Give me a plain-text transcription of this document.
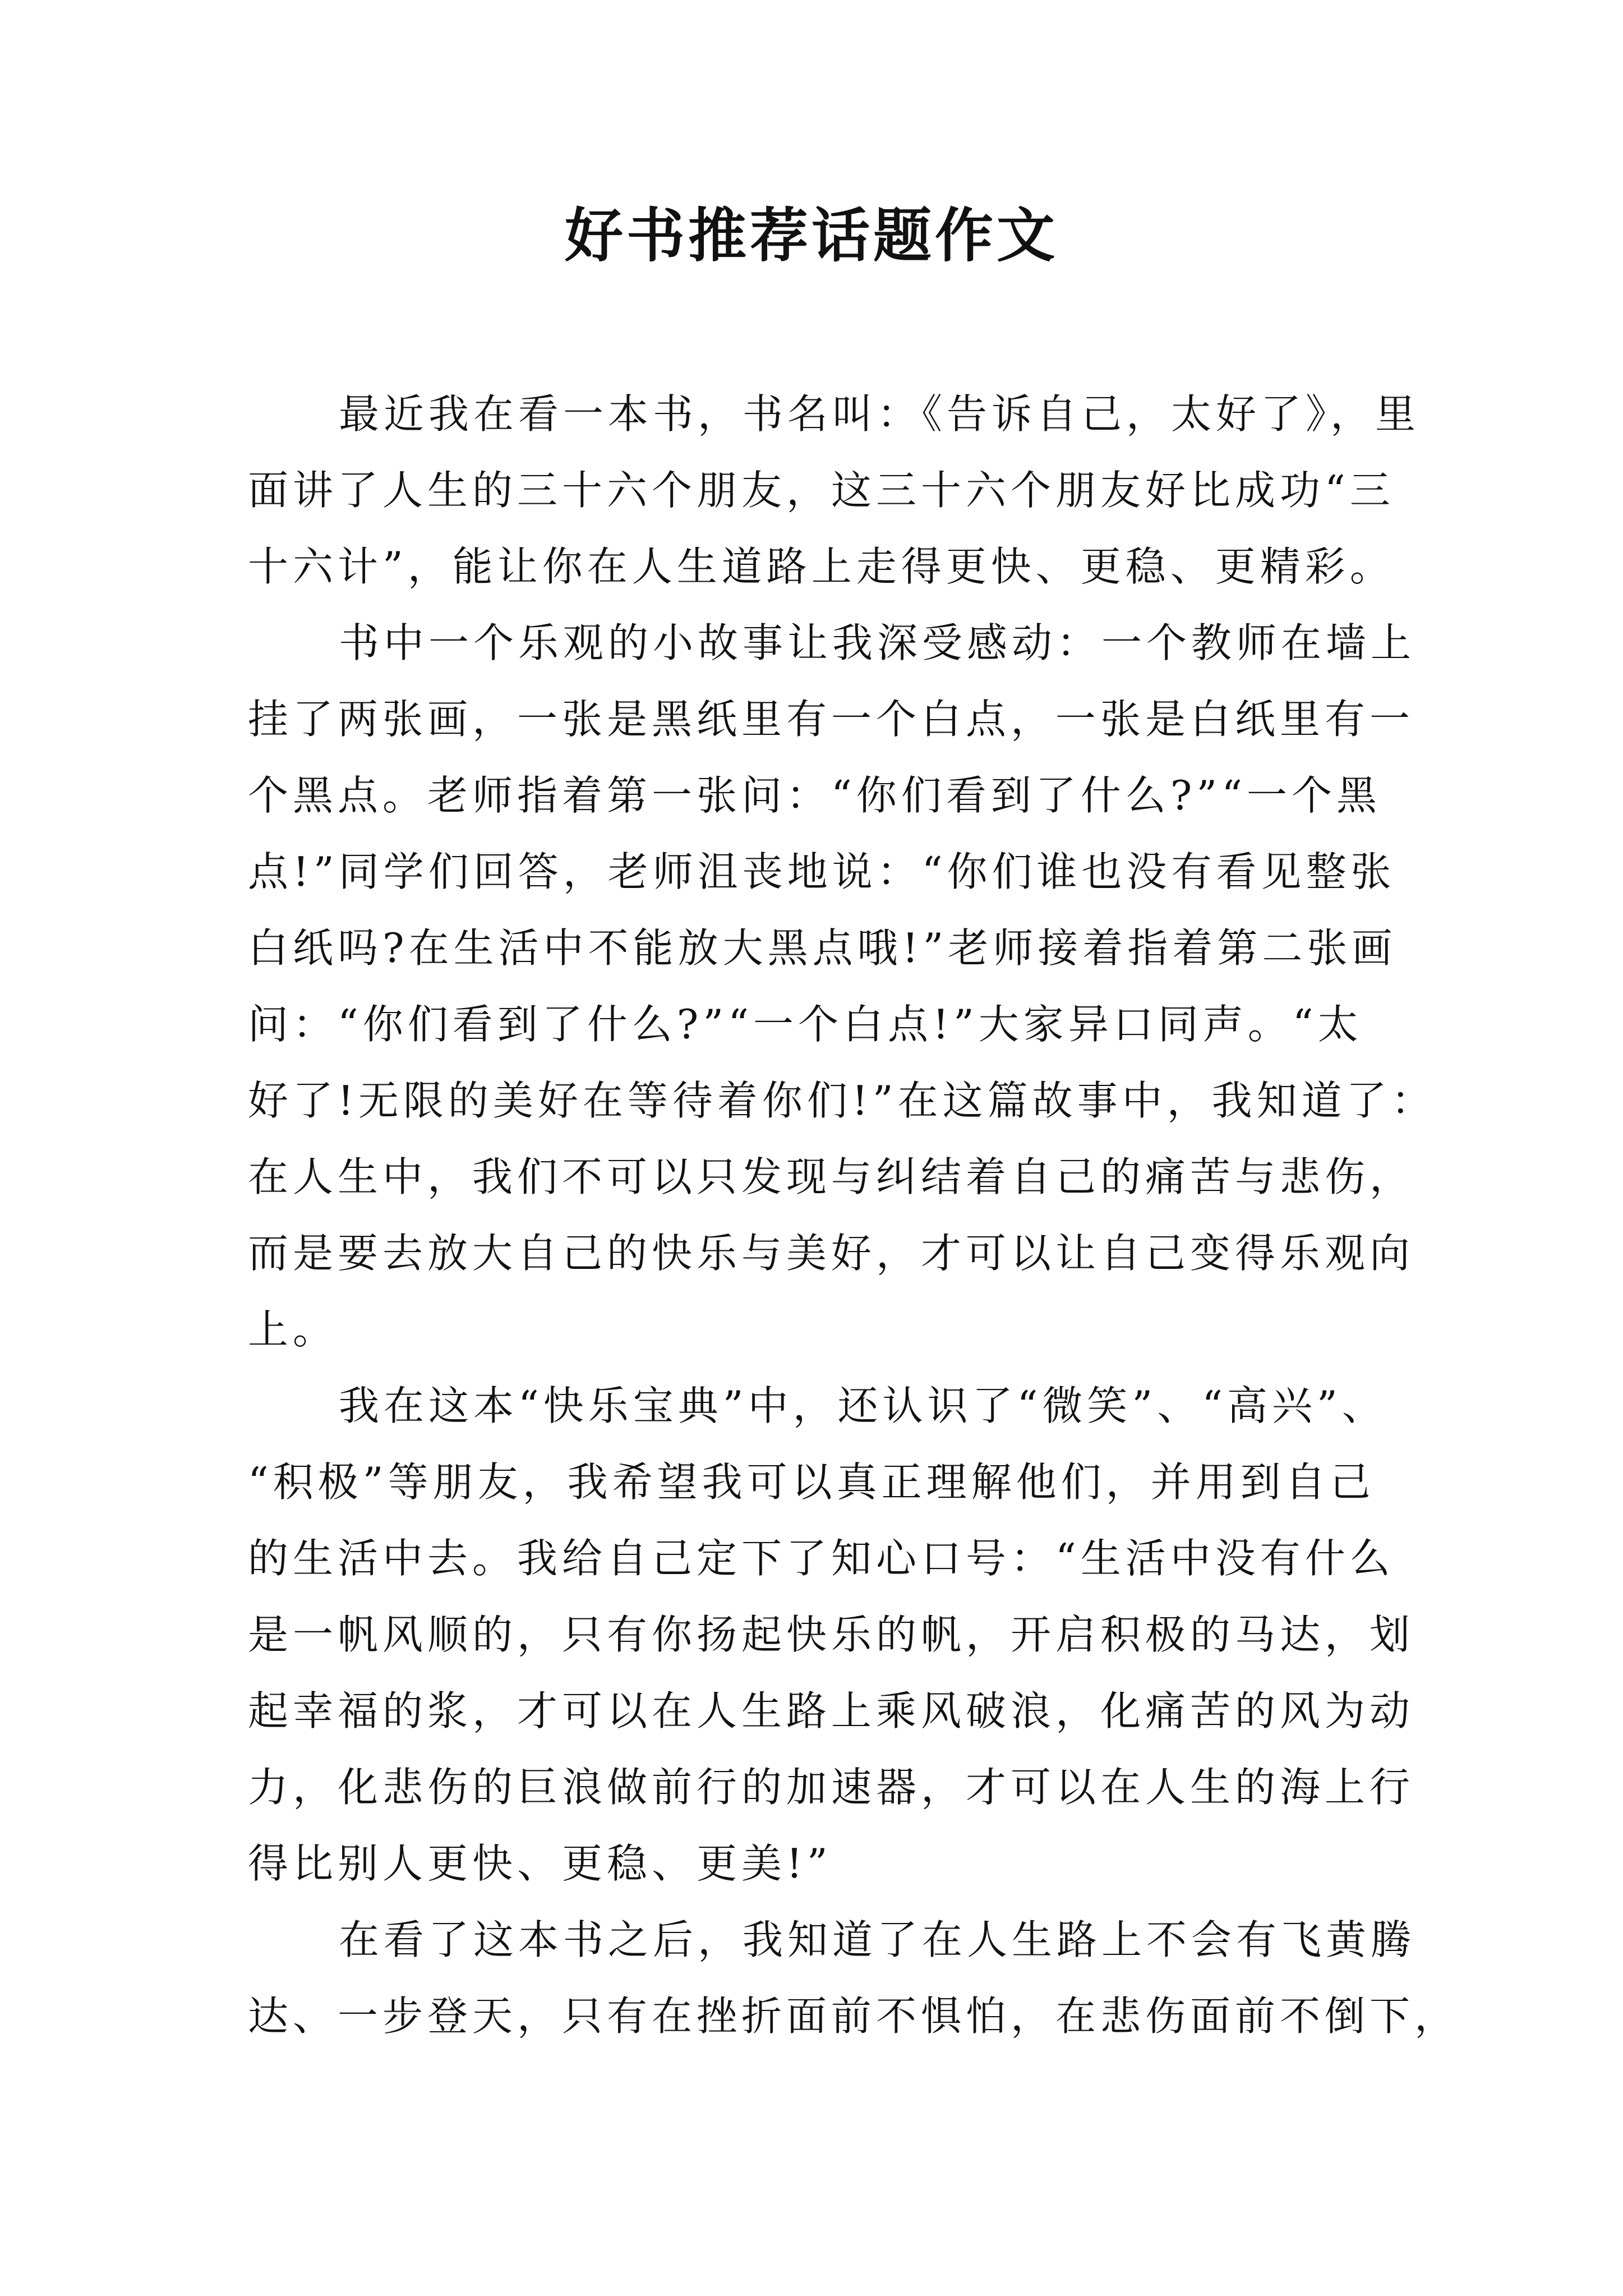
好书推荐话题作文
最近我在看一本书，书名叫：《告诉自己，太好了》，里
面讲了人生的三十六个朋友，这三十六个朋友好比成功“三
十六计”，能让你在人生道路上走得更快、更稳、更精彩。
书中一个乐观的小故事让我深受感动：一个教师在墙上
挂了两张画，一张是黑纸里有一个白点，一张是白纸里有一
个黑点。老师指着第一张问：“你们看到了什么?”“一个黑
点!”同学们回答，老师沮丧地说：“你们谁也没有看见整张
白纸吗?在生活中不能放大黑点哦!”老师接着指着第二张画
问：“你们看到了什么?”“一个白点!”大家异口同声。“太
好了!无限的美好在等待着你们!”在这篇故事中，我知道了：
在人生中，我们不可以只发现与纠结着自己的痛苦与悲伤，
而是要去放大自己的快乐与美好，才可以让自己变得乐观向
上。
我在这本“快乐宝典”中，还认识了“微笑”、“高兴”、
“积极”等朋友，我希望我可以真正理解他们，并用到自己
的生活中去。我给自己定下了知心口号：“生活中没有什么
是一帆风顺的，只有你扬起快乐的帆，开启积极的马达，划
起幸福的浆，才可以在人生路上乘风破浪，化痛苦的风为动
力，化悲伤的巨浪做前行的加速器，才可以在人生的海上行
得比别人更快、更稳、更美!”
在看了这本书之后，我知道了在人生路上不会有飞黄腾
达、一步登天，只有在挫折面前不惧怕，在悲伤面前不倒下，
